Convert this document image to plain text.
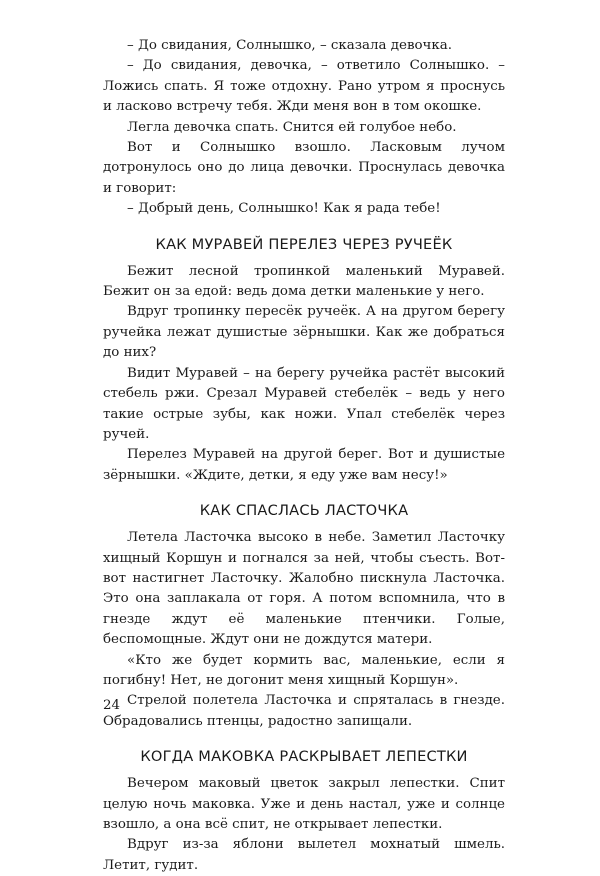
– До свидания, Солнышко, – сказала девочка.

– До свидания, девочка, – ответило Солнышко. – Ложись спать. Я тоже отдохну. Рано утром я проснусь и ласково встречу тебя. Жди меня вон в том окошке.

Легла девочка спать. Снится ей голубое небо.

Вот и Солнышко взошло. Ласковым лучом дотронулось оно до лица девочки. Проснулась девочка и говорит:

– Добрый день, Солнышко! Как я рада тебе!

КАК МУРАВЕЙ ПЕРЕЛЕЗ ЧЕРЕЗ РУЧЕЁК

Бежит лесной тропинкой маленький Муравей. Бежит он за едой: ведь дома детки маленькие у него.

Вдруг тропинку пересёк ручеёк. А на другом берегу ручейка лежат душистые зёрнышки. Как же добраться до них?

Видит Муравей – на берегу ручейка растёт высокий стебель ржи. Срезал Муравей стебелёк – ведь у него такие острые зубы, как ножи. Упал стебелёк через ручей.

Перелез Муравей на другой берег. Вот и душистые зёрнышки. «Ждите, детки, я еду уже вам несу!»

КАК СПАСЛАСЬ ЛАСТОЧКА

Летела Ласточка высоко в небе. Заметил Ласточку хищный Коршун и погнался за ней, чтобы съесть. Вот-вот настигнет Ласточку. Жалобно пискнула Ласточка. Это она заплакала от горя. А потом вспомнила, что в гнезде ждут её маленькие птенчики. Голые, беспомощные. Ждут они не дождутся матери.

«Кто же будет кормить вас, маленькие, если я погибну! Нет, не догонит меня хищный Коршун».

Стрелой полетела Ласточка и спряталась в гнезде. Обрадовались птенцы, радостно запищали.

КОГДА МАКОВКА РАСКРЫВАЕТ ЛЕПЕСТКИ

Вечером маковый цветок закрыл лепестки. Спит целую ночь маковка. Уже и день настал, уже и солнце взошло, а она всё спит, не открывает лепестки.

Вдруг из-за яблони вылетел мохнатый шмель. Летит, гудит.

24
